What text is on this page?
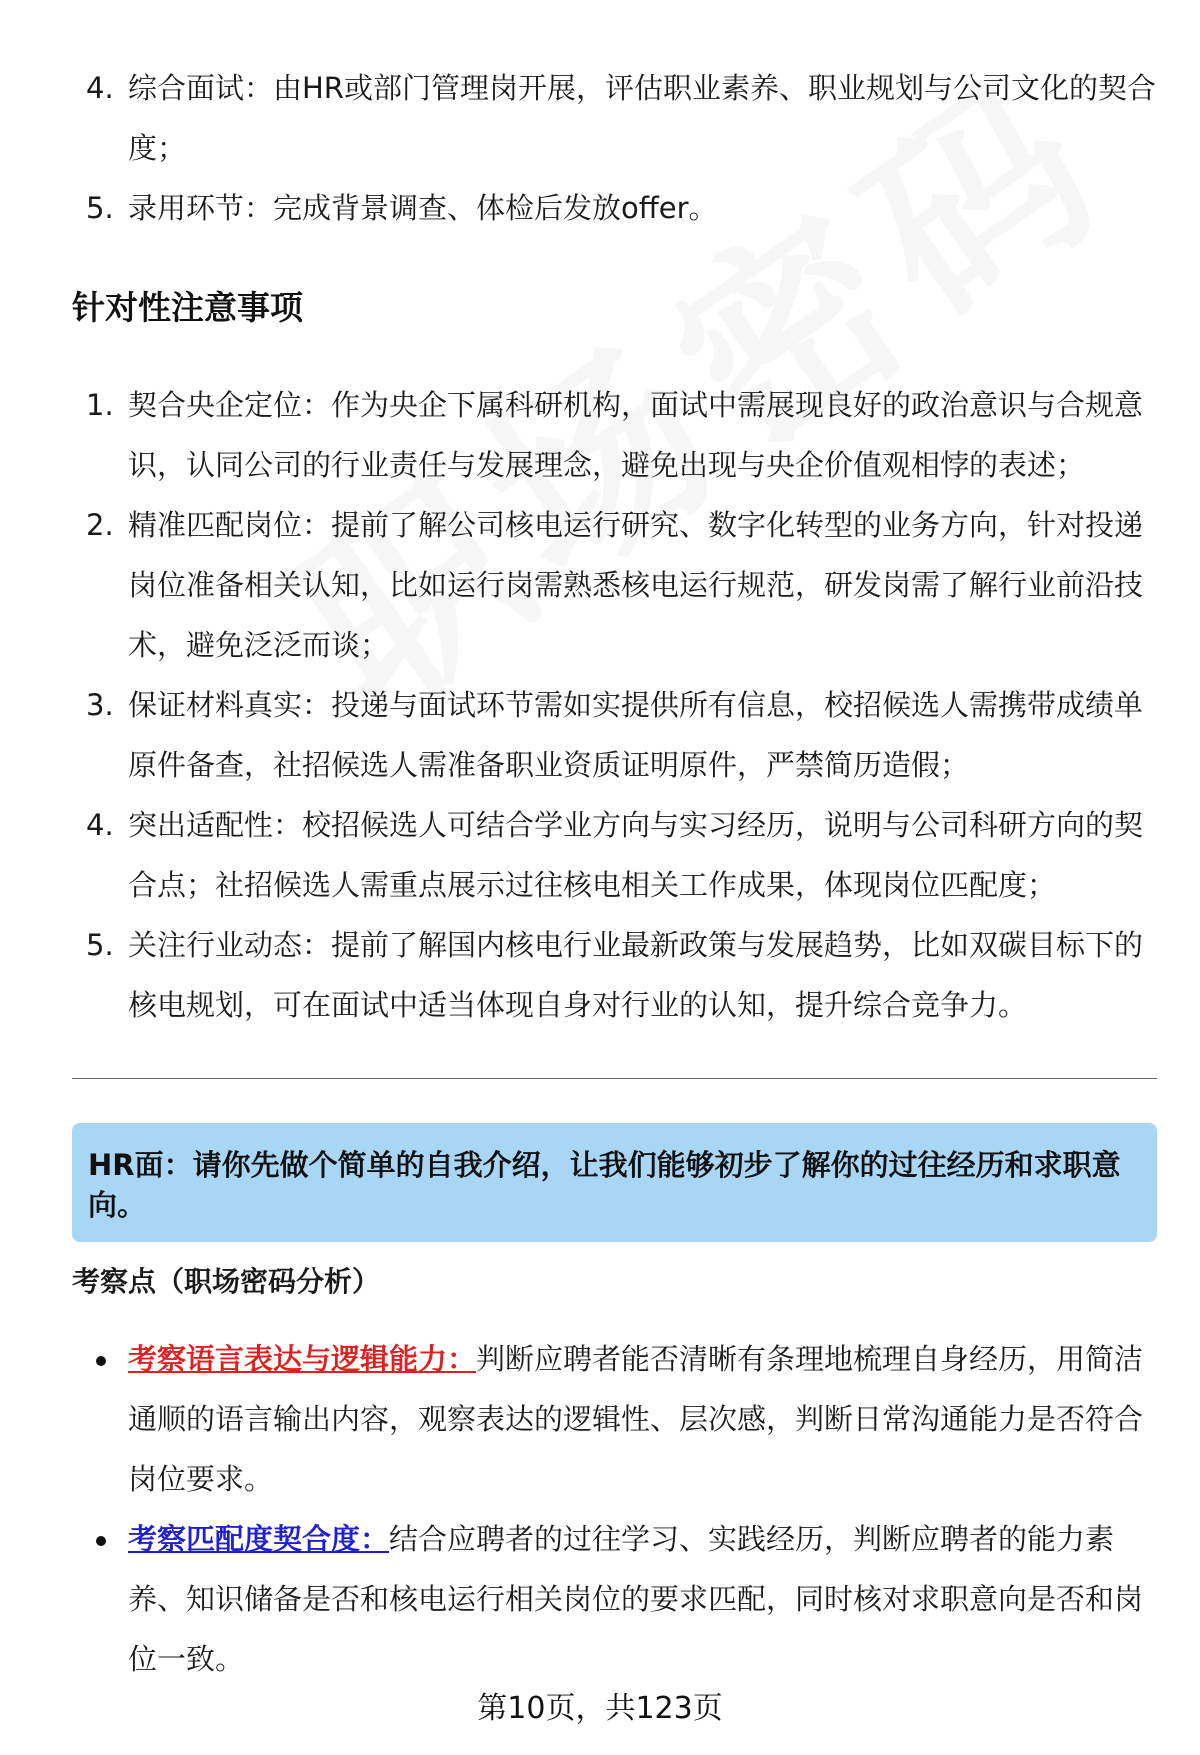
4. 综合面试：由HR或部门管理岗开展，评估职业素养、职业规划与公司文化的契合度；
5. 录用环节：完成背景调查、体检后发放offer。
针对性注意事项
1. 契合央企定位：作为央企下属科研机构，面试中需展现良好的政治意识与合规意识，认同公司的行业责任与发展理念，避免出现与央企价值观相悖的表述；
2. 精准匹配岗位：提前了解公司核电运行研究、数字化转型的业务方向，针对投递岗位准备相关认知，比如运行岗需熟悉核电运行规范，研发岗需了解行业前沿技术，避免泛泛而谈；
3. 保证材料真实：投递与面试环节需如实提供所有信息，校招候选人需携带成绩单原件备查，社招候选人需准备职业资质证明原件，严禁简历造假；
4. 突出适配性：校招候选人可结合学业方向与实习经历，说明与公司科研方向的契合点；社招候选人需重点展示过往核电相关工作成果，体现岗位匹配度；
5. 关注行业动态：提前了解国内核电行业最新政策与发展趋势，比如双碳目标下的核电规划，可在面试中适当体现自身对行业的认知，提升综合竞争力。
HR面：请你先做个简单的自我介绍，让我们能够初步了解你的过往经历和求职意向。
考察点（职场密码分析）
考察语言表达与逻辑能力：判断应聘者能否清晰有条理地梳理自身经历，用简洁通顺的语言输出内容，观察表达的逻辑性、层次感，判断日常沟通能力是否符合岗位要求。
考察匹配度契合度：结合应聘者的过往学习、实践经历，判断应聘者的能力素养、知识储备是否和核电运行相关岗位的要求匹配，同时核对求职意向是否和岗位一致。
第10页，共123页
